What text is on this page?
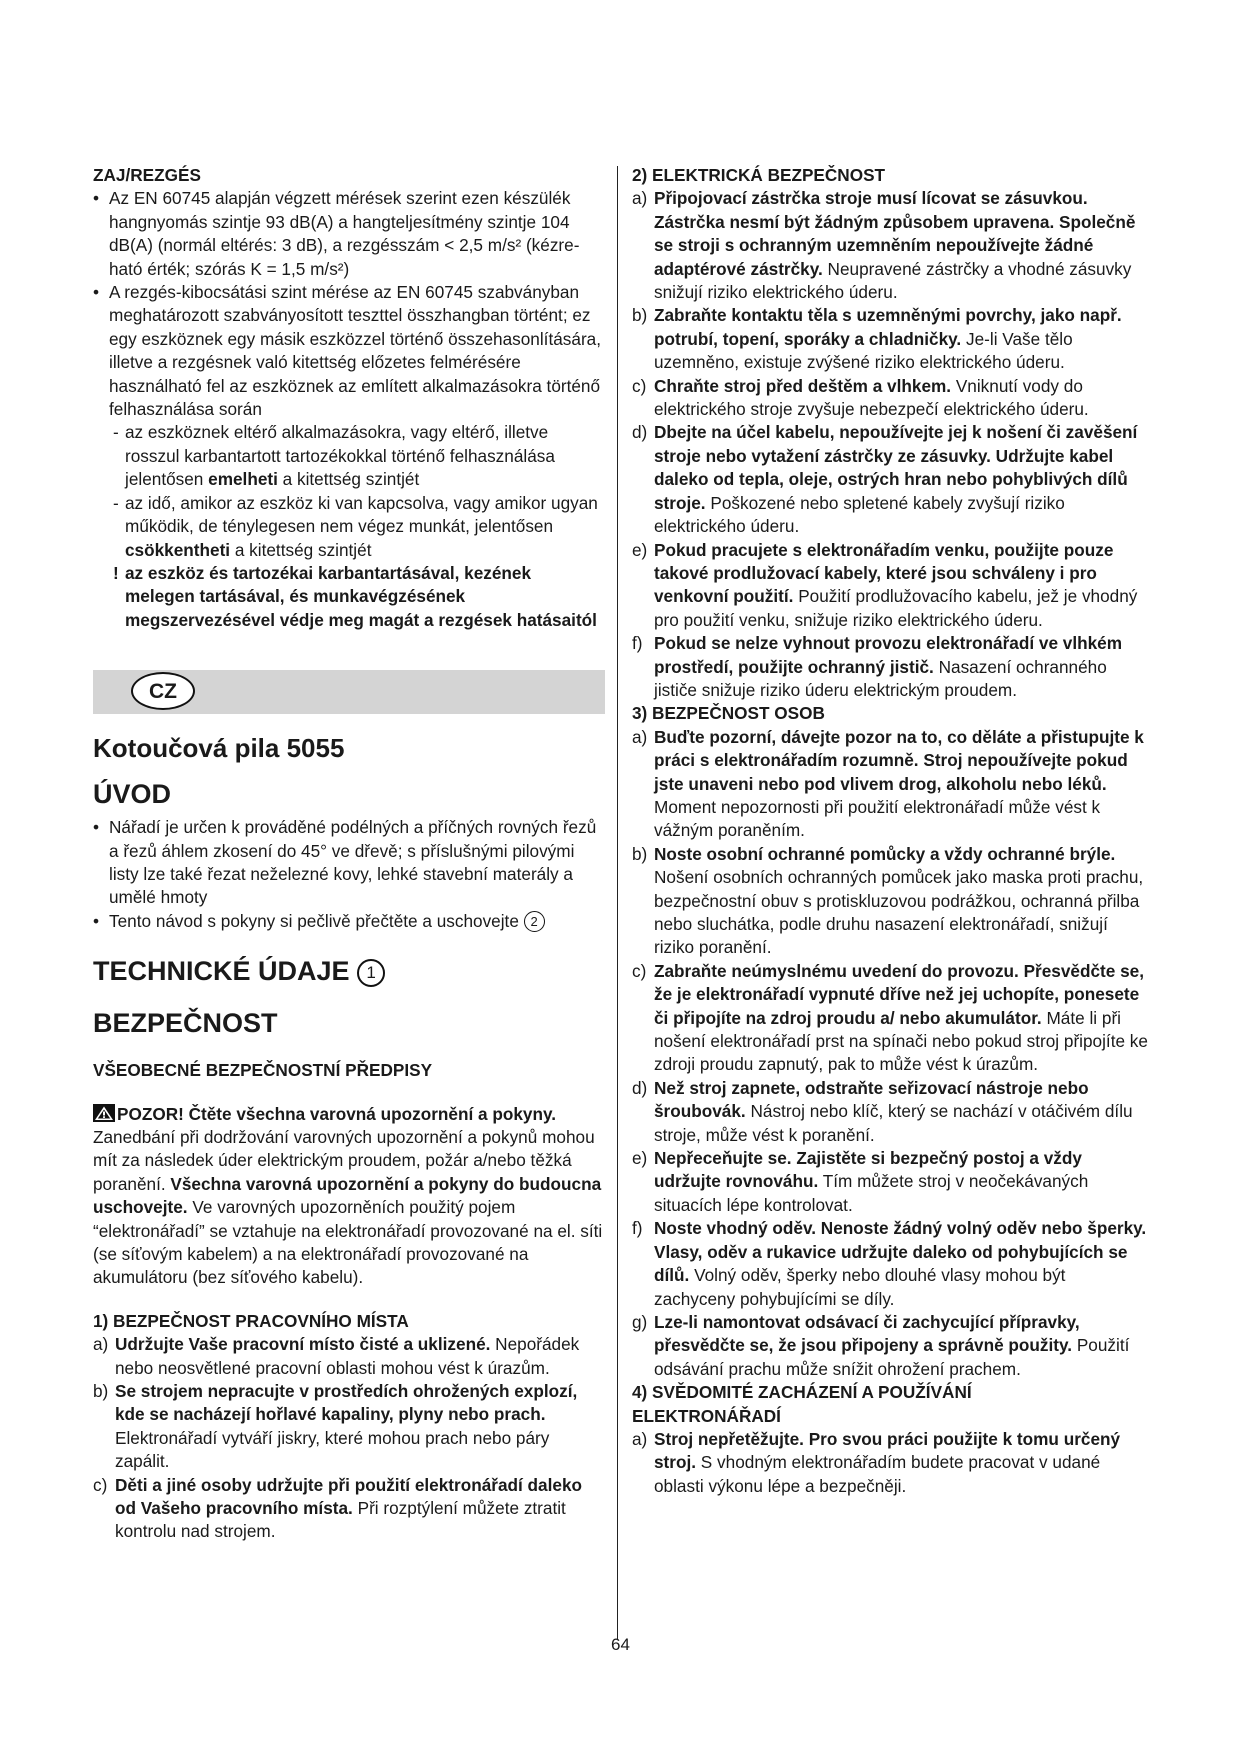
ZAJ/REZGÉS

• Az EN 60745 alapján végzett mérések szerint ezen készülék hangnyomás szintje 93 dB(A) a hangteljesítmény szintje 104 dB(A) (normál eltérés: 3 dB), a rezgésszám < 2,5 m/s² (kézre-ható érték; szórás K = 1,5 m/s²)

• A rezgés-kibocsátási szint mérése az EN 60745 szabványban meghatározott szabványosított teszttel összhangban történt; ez egy eszköznek egy másik eszközzel történő összehasonlítására, illetve a rezgésnek való kitettség előzetes felmérésére használható fel az eszköznek az említett alkalmazásokra történő felhasználása során

- az eszköznek eltérő alkalmazásokra, vagy eltérő, illetve rosszul karbantartott tartozékokkal történő felhasználása jelentősen emelheti a kitettség szintjét

- az idő, amikor az eszköz ki van kapcsolva, vagy amikor ugyan működik, de ténylegesen nem végez munkát, jelentősen csökkentheti a kitettség szintjét

! az eszköz és tartozékai karbantartásával, kezének melegen tartásával, és munkavégzésének megszervezésével védje meg magát a rezgések hatásaitól

CZ

Kotoučová pila 5055

ÚVOD

• Nářadí je určen k prováděné podélných a příčných rovných řezů a řezů áhlem zkosení do 45° ve dřevě; s příslušnými pilovými listy lze také řezat neželezné kovy, lehké stavební materály a umělé hmoty

• Tento návod s pokyny si pečlivě přečtěte a uschovejte 2

TECHNICKÉ ÚDAJE 1

BEZPEČNOST

VŠEOBECNÉ BEZPEČNOSTNÍ PŘEDPISY

POZOR! Čtěte všechna varovná upozornění a pokyny. Zanedbání při dodržování varovných upozornění a pokynů mohou mít za následek úder elektrickým proudem, požár a/nebo těžká poranění. Všechna varovná upozornění a pokyny do budoucna uschovejte. Ve varovných upozorněních použitý pojem “elektronářadí” se vztahuje na elektronářadí provozované na el. síti (se síťovým kabelem) a na elektronářadí provozované na akumulátoru (bez síťového kabelu).

1) BEZPEČNOST PRACOVNÍHO MÍSTA

a) Udržujte Vaše pracovní místo čisté a uklizené. Nepořádek nebo neosvětlené pracovní oblasti mohou vést k úrazům.

b) Se strojem nepracujte v prostředích ohrožených explozí, kde se nacházejí hořlavé kapaliny, plyny nebo prach. Elektronářadí vytváří jiskry, které mohou prach nebo páry zapálit.

c) Děti a jiné osoby udržujte při použití elektronářadí daleko od Vašeho pracovního místa. Při rozptýlení můžete ztratit kontrolu nad strojem.

2) ELEKTRICKÁ BEZPEČNOST

a) Připojovací zástrčka stroje musí lícovat se zásuvkou. Zástrčka nesmí být žádným způsobem upravena. Společně se stroji s ochranným uzemněním nepoužívejte žádné adaptérové zástrčky. Neupravené zástrčky a vhodné zásuvky snižují riziko elektrického úderu.

b) Zabraňte kontaktu těla s uzemněnými povrchy, jako např. potrubí, topení, sporáky a chladničky. Je-li Vaše tělo uzemněno, existuje zvýšené riziko elektrického úderu.

c) Chraňte stroj před deštěm a vlhkem. Vniknutí vody do elektrického stroje zvyšuje nebezpečí elektrického úderu.

d) Dbejte na účel kabelu, nepoužívejte jej k nošení či zavěšení stroje nebo vytažení zástrčky ze zásuvky. Udržujte kabel daleko od tepla, oleje, ostrých hran nebo pohyblivých dílů stroje. Poškozené nebo spletené kabely zvyšují riziko elektrického úderu.

e) Pokud pracujete s elektronářadím venku, použijte pouze takové prodlužovací kabely, které jsou schváleny i pro venkovní použití. Použití prodlužovacího kabelu, jež je vhodný pro použití venku, snižuje riziko elektrického úderu.

f) Pokud se nelze vyhnout provozu elektronářadí ve vlhkém prostředí, použijte ochranný jistič. Nasazení ochranného jističe snižuje riziko úderu elektrickým proudem.

3) BEZPEČNOST OSOB

a) Buďte pozorní, dávejte pozor na to, co děláte a přistupujte k práci s elektronářadím rozumně. Stroj nepoužívejte pokud jste unaveni nebo pod vlivem drog, alkoholu nebo léků. Moment nepozornosti při použití elektronářadí může vést k vážným poraněním.

b) Noste osobní ochranné pomůcky a vždy ochranné brýle. Nošení osobních ochranných pomůcek jako maska proti prachu, bezpečnostní obuv s protiskluzovou podrážkou, ochranná přilba nebo sluchátka, podle druhu nasazení elektronářadí, snižují riziko poranění.

c) Zabraňte neúmyslnému uvedení do provozu. Přesvědčte se, že je elektronářadí vypnuté dříve než jej uchopíte, ponesete či připojíte na zdroj proudu a/ nebo akumulátor. Máte li při nošení elektronářadí prst na spínači nebo pokud stroj připojíte ke zdroji proudu zapnutý, pak to může vést k úrazům.

d) Než stroj zapnete, odstraňte seřizovací nástroje nebo šroubovák. Nástroj nebo klíč, který se nachází v otáčivém dílu stroje, může vést k poranění.

e) Nepřeceňujte se. Zajistěte si bezpečný postoj a vždy udržujte rovnováhu. Tím můžete stroj v neočekávaných situacích lépe kontrolovat.

f) Noste vhodný oděv. Nenoste žádný volný oděv nebo šperky. Vlasy, oděv a rukavice udržujte daleko od pohybujících se dílů. Volný oděv, šperky nebo dlouhé vlasy mohou být zachyceny pohybujícími se díly.

g) Lze-li namontovat odsávací či zachycující přípravky, přesvědčte se, že jsou připojeny a správně použity. Použití odsávání prachu může snížit ohrožení prachem.

4) SVĚDOMITÉ ZACHÁZENÍ A POUŽÍVÁNÍ ELEKTRONÁŘADÍ

a) Stroj nepřetěžujte. Pro svou práci použijte k tomu určený stroj. S vhodným elektronářadím budete pracovat v udané oblasti výkonu lépe a bezpečněji.

64
